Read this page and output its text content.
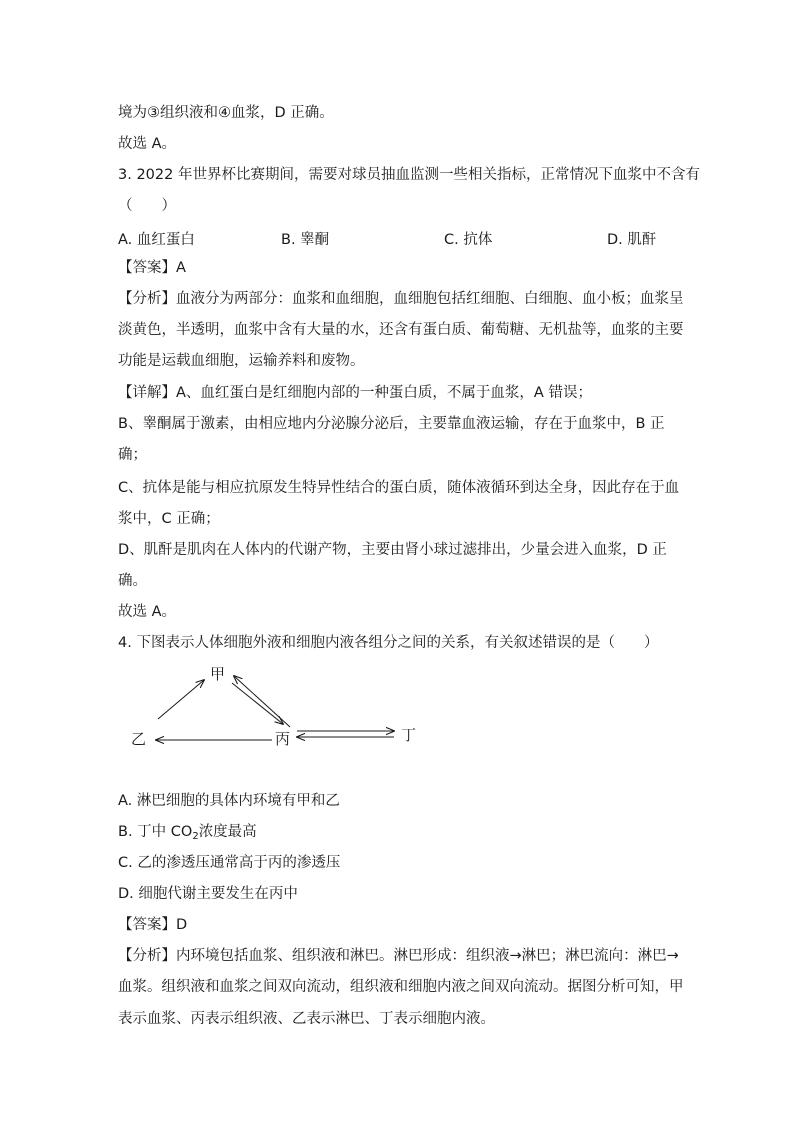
境为③组织液和④血浆，D 正确。
故选 A。
3. 2022 年世界杯比赛期间，需要对球员抽血监测一些相关指标，正常情况下血浆中不含有
（　　）
A. 血红蛋白	B. 睾酮	C. 抗体	D. 肌酐
【答案】A
【分析】血液分为两部分：血浆和血细胞，血细胞包括红细胞、白细胞、血小板；血浆呈
淡黄色，半透明，血浆中含有大量的水，还含有蛋白质、葡萄糖、无机盐等，血浆的主要
功能是运载血细胞，运输养料和废物。
【详解】A、血红蛋白是红细胞内部的一种蛋白质，不属于血浆，A 错误；
B、睾酮属于激素，由相应地内分泌腺分泌后，主要靠血液运输，存在于血浆中，B 正
确；
C、抗体是能与相应抗原发生特异性结合的蛋白质，随体液循环到达全身，因此存在于血
浆中，C 正确；
D、肌酐是肌肉在人体内的代谢产物，主要由肾小球过滤排出，少量会进入血浆，D 正
确。
故选 A。
4. 下图表示人体细胞外液和细胞内液各组分之间的关系，有关叙述错误的是（　　）
甲
乙	丙	丁
A. 淋巴细胞的具体内环境有甲和乙
B. 丁中 $CO_2$浓度最高
C. 乙的渗透压通常高于丙的渗透压
D. 细胞代谢主要发生在丙中
【答案】D
【分析】内环境包括血浆、组织液和淋巴。淋巴形成：组织液→淋巴；淋巴流向：淋巴→
血浆。组织液和血浆之间双向流动，组织液和细胞内液之间双向流动。据图分析可知，甲
表示血浆、丙表示组织液、乙表示淋巴、丁表示细胞内液。
